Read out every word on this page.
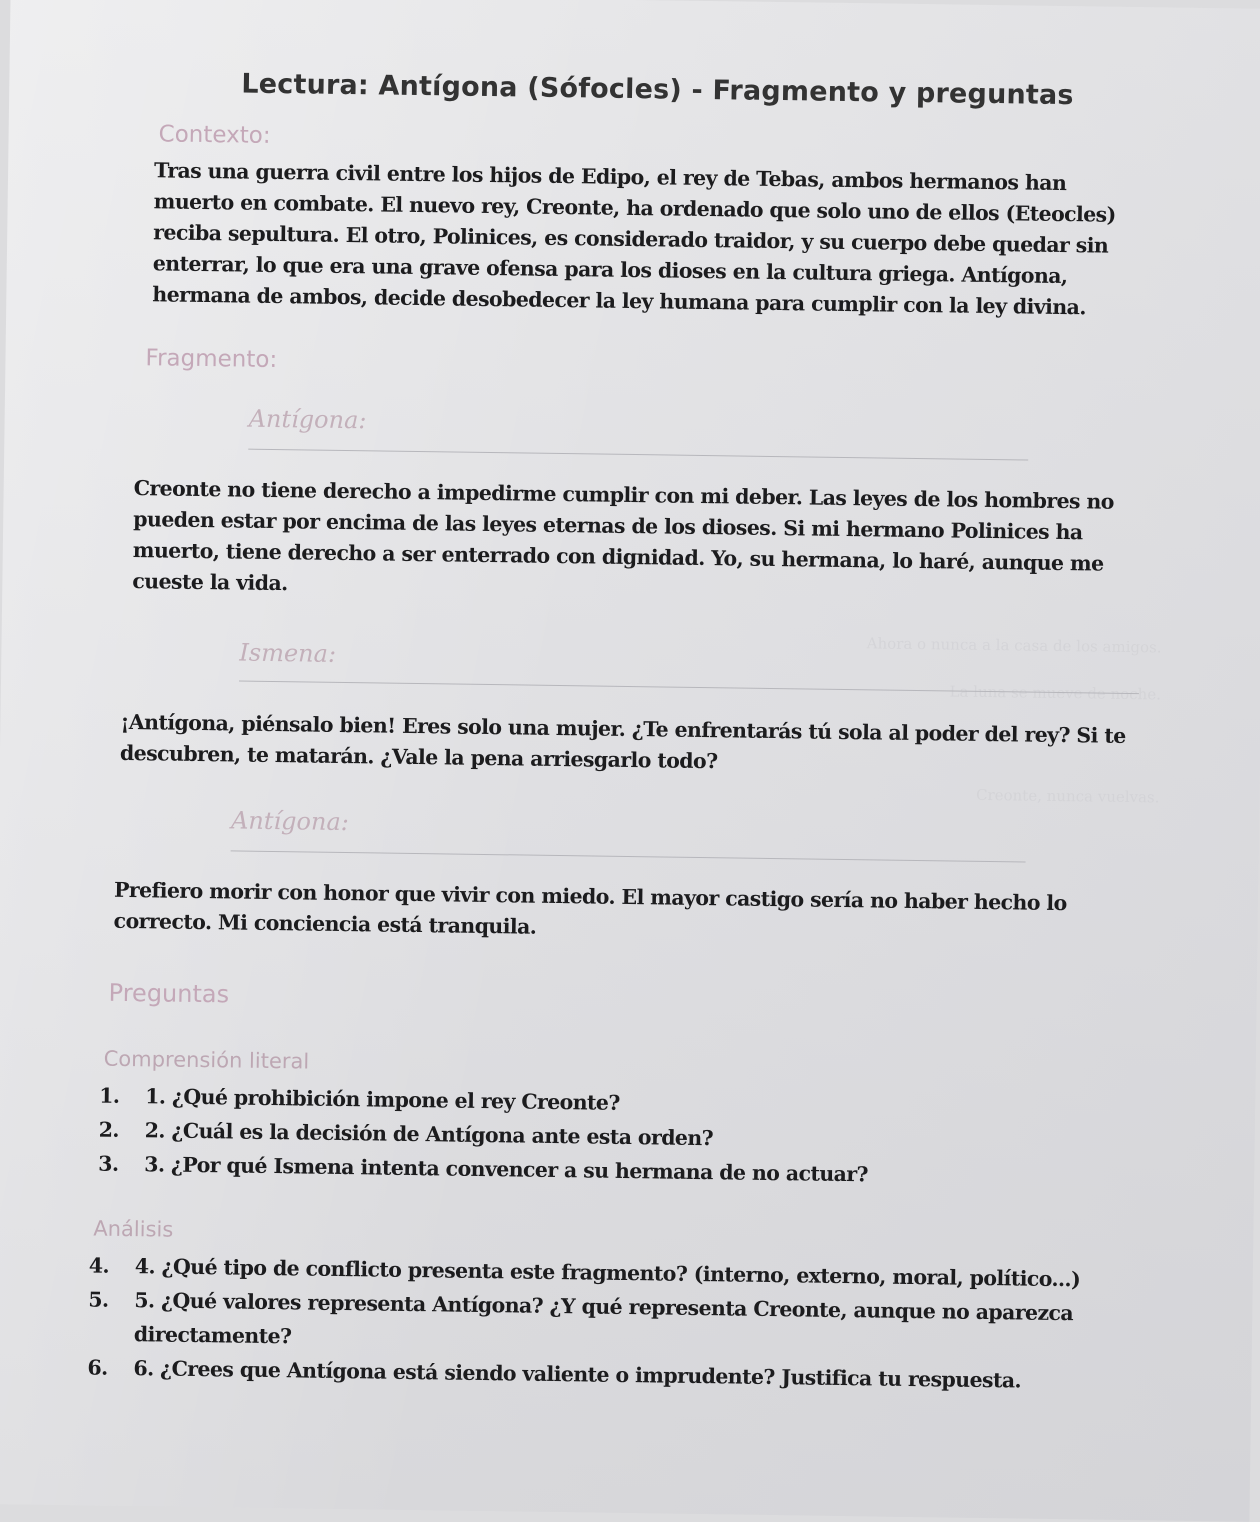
Ahora o nunca a la casa de los amigos.
La luna se mueve de noche.
Creonte, nunca vuelvas.
Lectura: Antígona (Sófocles) - Fragmento y preguntas
Contexto:

Tras una guerra civil entre los hijos de Edipo, el rey de Tebas, ambos hermanos han muerto en combate. El nuevo rey, Creonte, ha ordenado que solo uno de ellos (Eteocles) reciba sepultura. El otro, Polinices, es considerado traidor, y su cuerpo debe quedar sin enterrar, lo que era una grave ofensa para los dioses en la cultura griega. Antígona, hermana de ambos, decide desobedecer la ley humana para cumplir con la ley divina.

Fragmento:
Antígona:

Creonte no tiene derecho a impedirme cumplir con mi deber. Las leyes de los hombres no pueden estar por encima de las leyes eternas de los dioses. Si mi hermano Polinices ha muerto, tiene derecho a ser enterrado con dignidad. Yo, su hermana, lo haré, aunque me cueste la vida.

Ismena:

¡Antígona, piénsalo bien! Eres solo una mujer. ¿Te enfrentarás tú sola al poder del rey? Si te descubren, te matarán. ¿Vale la pena arriesgarlo todo?

Antígona:

Prefiero morir con honor que vivir con miedo. El mayor castigo sería no haber hecho lo correcto. Mi conciencia está tranquila.

Preguntas
Comprensión literal
1. 1. ¿Qué prohibición impone el rey Creonte?
2. 2. ¿Cuál es la decisión de Antígona ante esta orden?
3. 3. ¿Por qué Ismena intenta convencer a su hermana de no actuar?
Análisis
4. 4. ¿Qué tipo de conflicto presenta este fragmento? (interno, externo, moral, político...)
5. 5. ¿Qué valores representa Antígona? ¿Y qué representa Creonte, aunque no aparezca directamente?
6. 6. ¿Crees que Antígona está siendo valiente o imprudente? Justifica tu respuesta.
